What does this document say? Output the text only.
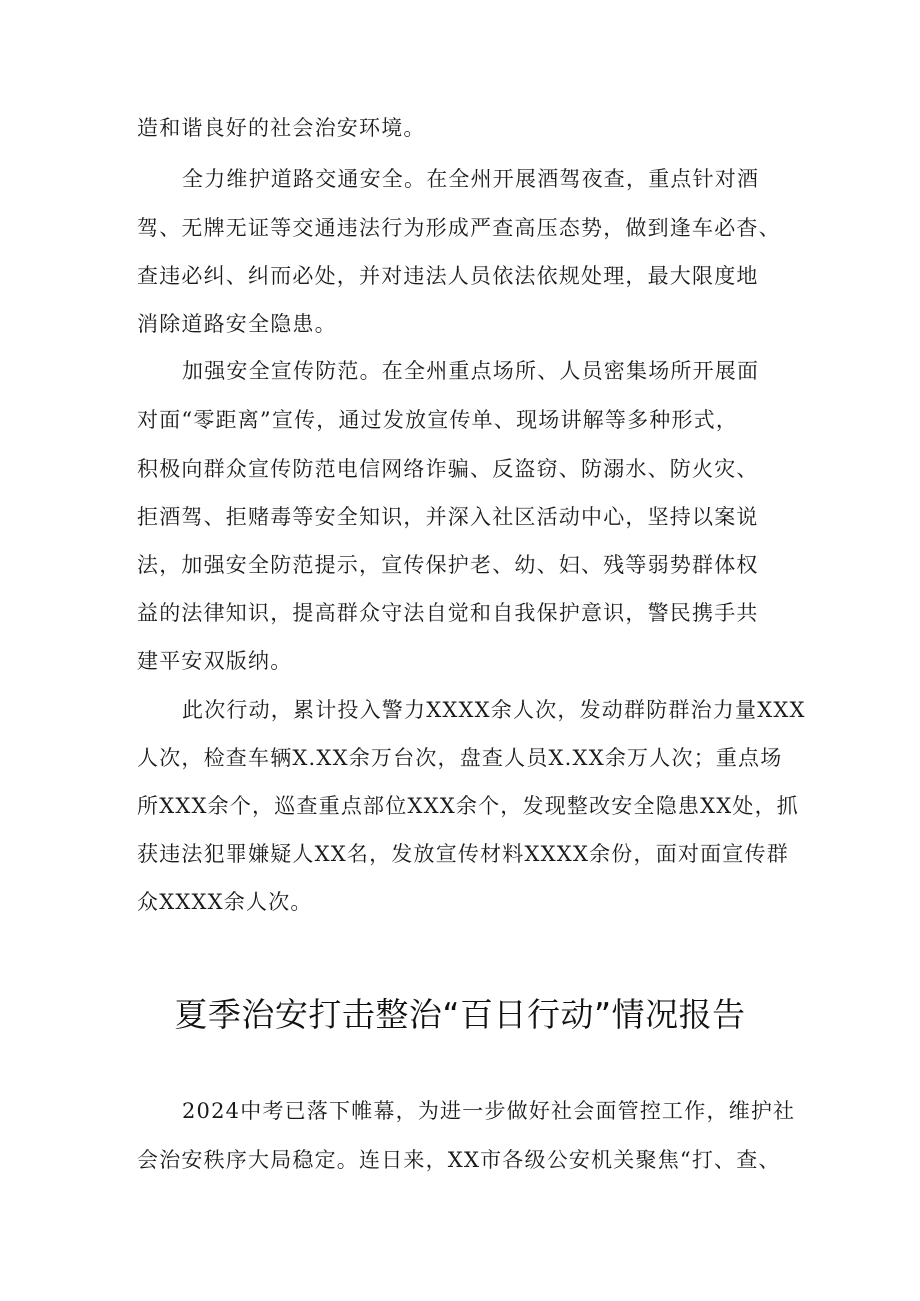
造和谐良好的社会治安环境。
全力维护道路交通安全。在全州开展酒驾夜查，重点针对酒
驾、无牌无证等交通违法行为形成严查高压态势，做到逢车必杳、
查违必纠、纠而必处，并对违法人员依法依规处理，最大限度地
消除道路安全隐患。
加强安全宣传防范。在全州重点场所、人员密集场所开展面
对面“零距离”宣传，通过发放宣传单、现场讲解等多种形式，
积极向群众宣传防范电信网络诈骗、反盗窃、防溺水、防火灾、
拒酒驾、拒赌毒等安全知识，并深入社区活动中心，坚持以案说
法，加强安全防范提示，宣传保护老、幼、妇、残等弱势群体权
益的法律知识，提高群众守法自觉和自我保护意识，警民携手共
建平安双版纳。
此次行动，累计投入警力XXXX余人次，发动群防群治力量XXX
人次，检查车辆X.XX余万台次，盘查人员X.XX余万人次；重点场
所XXX余个，巡查重点部位XXX余个，发现整改安全隐患XX处，抓
获违法犯罪嫌疑人XX名，发放宣传材料XXXX余份，面对面宣传群
众XXXX余人次。
夏季治安打击整治“百日行动”情况报告
2024中考已落下帷幕，为进一步做好社会面管控工作，维护社
会治安秩序大局稳定。连日来，XX市各级公安机关聚焦“打、查、
